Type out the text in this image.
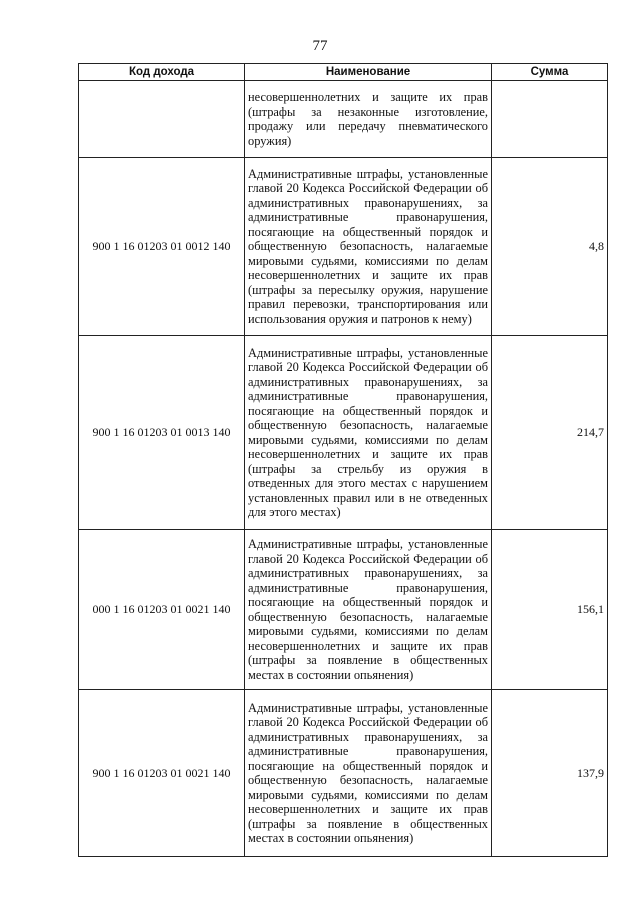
77
Код дохода	Наименование	Сумма

	несовершеннолетних и защите их прав (штрафы за незаконные изготовление, продажу или передачу пневматического оружия)	

900 1 16 01203 01 0012 140	Административные штрафы, установленные главой 20 Кодекса Российской Федерации об административных правонарушениях, за административные правонарушения, посягающие на общественный порядок и общественную безопасность, налагаемые мировыми судьями, комиссиями по делам несовершеннолетних и защите их прав (штрафы за пересылку оружия, нарушение правил перевозки, транспортирования или использования оружия и патронов к нему)	4,8
900 1 16 01203 01 0013 140	Административные штрафы, установленные главой 20 Кодекса Российской Федерации об административных правонарушениях, за административные правонарушения, посягающие на общественный порядок и общественную безопасность, налагаемые мировыми судьями, комиссиями по делам несовершеннолетних и защите их прав (штрафы за стрельбу из оружия в отведенных для этого местах с нарушением установленных правил или в не отведенных для этого местах)	214,7
000 1 16 01203 01 0021 140	Административные штрафы, установленные главой 20 Кодекса Российской Федерации об административных правонарушениях, за административные правонарушения, посягающие на общественный порядок и общественную безопасность, налагаемые мировыми судьями, комиссиями по делам несовершеннолетних и защите их прав (штрафы за появление в общественных местах в состоянии опьянения)	156,1
900 1 16 01203 01 0021 140	Административные штрафы, установленные главой 20 Кодекса Российской Федерации об административных правонарушениях, за административные правонарушения, посягающие на общественный порядок и общественную безопасность, налагаемые мировыми судьями, комиссиями по делам несовершеннолетних и защите их прав (штрафы за появление в общественных местах в состоянии опьянения)	137,9
